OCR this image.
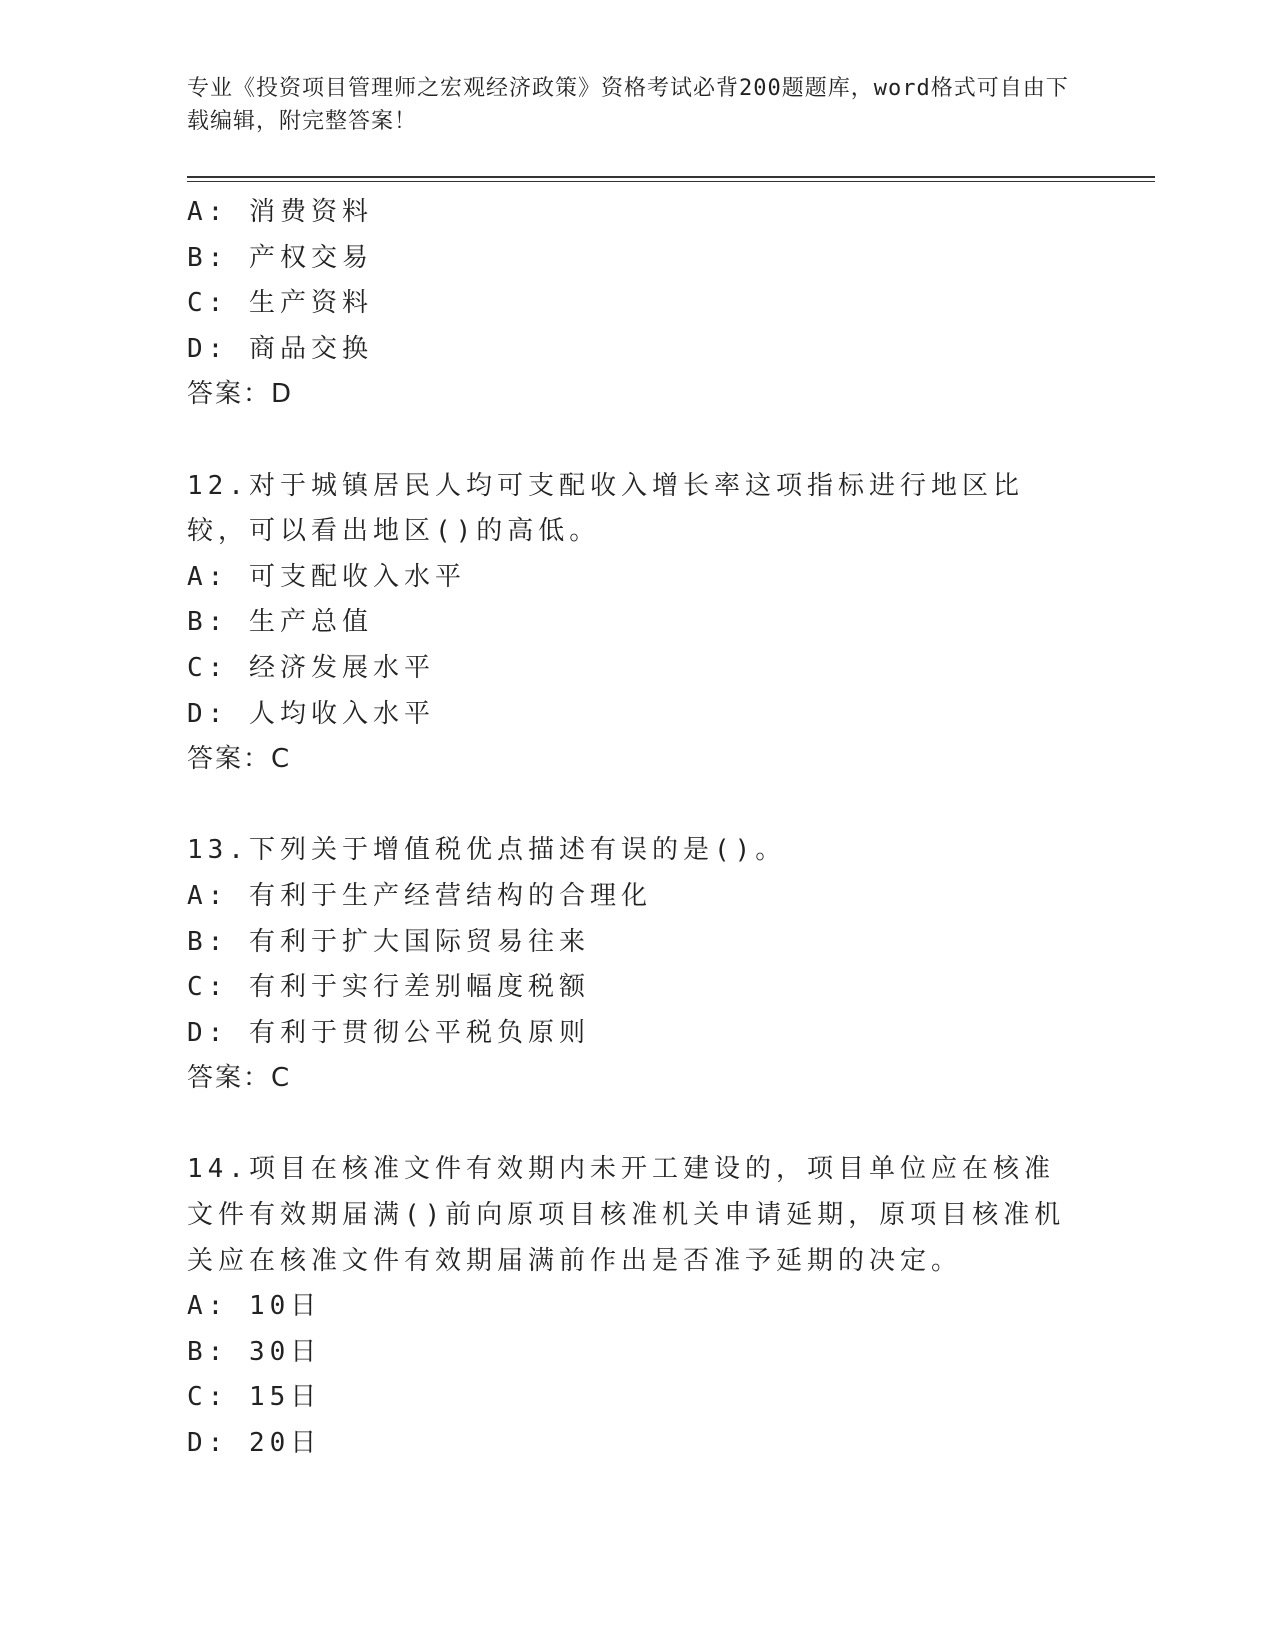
专业《投资项目管理师之宏观经济政策》资格考试必背200题题库，word格式可自由下载编辑，附完整答案！
A: 消费资料
B: 产权交易
C: 生产资料
D: 商品交换
答案：D
12.对于城镇居民人均可支配收入增长率这项指标进行地区比较，可以看出地区()的高低。
A: 可支配收入水平
B: 生产总值
C: 经济发展水平
D: 人均收入水平
答案：C
13.下列关于增值税优点描述有误的是()。
A: 有利于生产经营结构的合理化
B: 有利于扩大国际贸易往来
C: 有利于实行差别幅度税额
D: 有利于贯彻公平税负原则
答案：C
14.项目在核准文件有效期内未开工建设的，项目单位应在核准文件有效期届满()前向原项目核准机关申请延期，原项目核准机关应在核准文件有效期届满前作出是否准予延期的决定。
A: 10日
B: 30日
C: 15日
D: 20日
